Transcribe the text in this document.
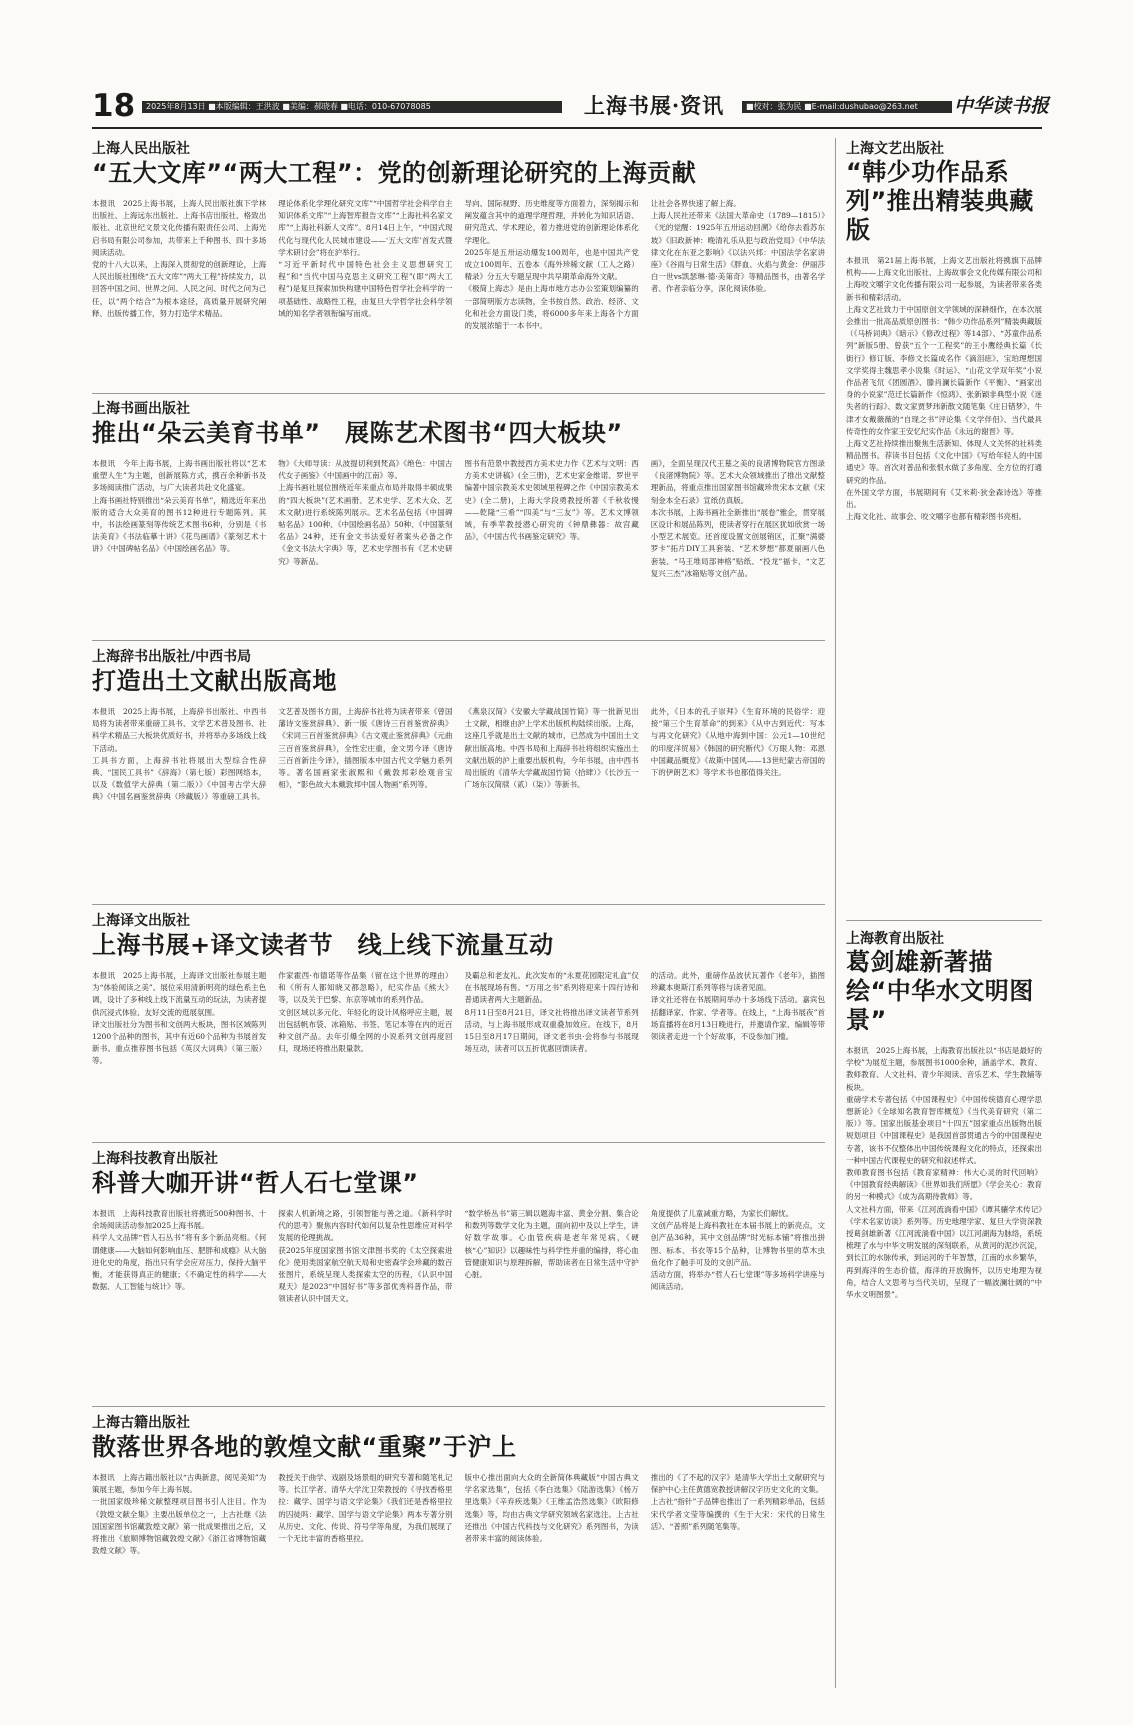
18	2025年8月13日 ■本版编辑：王洪波 ■美编：郝晓春 ■电话：010-67078085	上海书展·资讯	■校对：张为民 ■E-mail:dushubao@263.net	中华读书报
上海人民出版社
“五大文库”“两大工程”：党的创新理论研究的上海贡献
本报讯　2025上海书展，上海人民出版社旗下学林出版社、上海远东出版社、上海书店出版社、格致出版社、北京世纪文景文化传播有限责任公司、上海光启书局有限公司参加，共带来上千种图书、四十多场阅读活动。
党的十八大以来，上海深入贯彻党的创新理论，上海人民出版社围绕“五大文库”“两大工程”持续发力，以回答中国之问、世界之问、人民之问、时代之问为己任，以“两个结合”为根本途径，高质量开展研究阐释、出版传播工作，努力打造学术精品。
理论体系化学理化研究文库”“中国哲学社会科学自主知识体系文库”“上海智库报告文库”“上海社科名家文库”“上海社科新人文库”。8月14日上午，“中国式现代化与现代化人民城市建设——‘五大文库’首发式暨学术研讨会”将在沪举行。
“习近平新时代中国特色社会主义思想研究工程”和“当代中国马克思主义研究工程”(即“两大工程”)是复旦探索加快构建中国特色哲学社会科学的一项基础性、战略性工程，由复旦大学哲学社会科学领域的知名学者领衔编写而成。
导向、国际视野、历史维度等方面着力，深刻揭示和阐发蕴含其中的道理学理哲理，并转化为知识话语、研究范式、学术理论，着力推进党的创新理论体系化学理化。
2025年是五卅运动爆发100周年，也是中国共产党成立100周年、五卷本《海外珍稀文献（工人之路）精录》分五大专题呈现中共早期革命海外文献。
《极简上海志》是由上海市地方志办公室策划编纂的一部简明版方志读物，全书按自然、政治、经济、文化和社会方面设门类，将6000多年来上海各个方面的发展浓缩于一本书中。
让社会各界快速了解上海。
上海人民社还带来《法国大革命史（1789—1815）》《光的觉醒：1925年五卅运动回溯》《给你去看苏东坡》《旧政新神：晚清礼乐从犯与政治党局》《中华法律文化在东亚之影响》《以法兴邦：中国法学名家讲座》《谷雨与日常生活》《胖血、火焰与黄金：伊丽莎白一世vs凯瑟琳·德·美第奇》等精品图书，由著名学者、作者亲临分享，深化阅读体验。
上海书画出版社
推出“朵云美育书单”　展陈艺术图书“四大板块”
本报讯　今年上海书展，上海书画出版社将以“艺术重塑人生”为主题，创新展陈方式，携百余种新书及多场阅读推广活动，与广大读者共赴文化盛宴。
上海书画社特别推出“朵云美育书单”，精选近年来出版的适合大众美育的图书12种进行专题陈列。其中，书法绘画篆刻等传统艺术图书6种，分别是《书法美育》《书法临摹十讲》《花鸟画谱》《篆刻艺术十讲》《中国碑帖名品》《中国绘画名品》等。
物》《大师导读：从波提切利到梵高》《绝色：中国古代女子画鉴》《中国画中的江南》等。
上海书画社展位围绕近年来重点布局并取得丰硕成果的“四大板块”(艺术画册、艺术史学、艺术大众、艺术文献)进行系统陈列展示。艺术名品包括《中国碑帖名品》100种、《中国绘画名品》50种、《中国篆刻名品》24种，还有金文书法爱好者案头必备之作《金文书法大字典》等，艺术史学图书有《艺术史研究》等新品。
图书有范景中教授西方美术史力作《艺术与文明：西方美术史讲稿》(全三册)，艺术史家金维诺、罗世平编著中国宗教美术史领域里程碑之作《中国宗教美术史》(全二册)，上海大学段勇教授所著《千秋妆慢——乾隆“三希”“四美”与“三友”》等。艺术文博领域，有季苹教授潜心研究的《钟鼎彝器：故宫藏品》，《中国古代书画鉴定研究》等。
画》，全面呈现汉代王墓之美的良渚博物院官方图录《良渚博物院》等。艺术大众领域推出了推出文献整理新品，将重点推出国家图书馆藏珍贵宋本文献《宋刻金本全石录》宣纸仿真版。
本次书展，上海书画社全新推出“展卷”雅企，贯穿展区设计和展品陈列，使读者穿行在展区犹如欣赏一场小型艺术展览。还首度设置文创展销区，汇聚“满婆罗卡”拓片DIY工具套装、“艺术梦想”都夏丽画八色套装、“马王堆局部神格”贴纸、“投龙”福卡、“文艺复兴三杰”冰箱贴等文创产品。
上海辞书出版社/中西书局
打造出土文献出版高地
本报讯　2025上海书展，上海辞书出版社、中西书局将为读者带来重磅工具书、文学艺术普及图书、社科学术精品三大板块优质好书，并将举办多场线上线下活动。
工具书方面，上海辞书社将展出大型综合性辞典、“国民工具书”《辞海》（第七版）彩图网络本，以及《数值学大辞典（第二版）》《中国考古学大辞典》《中国名画鉴赏辞典（珍藏版）》等重磅工具书。
文艺普及图书方面，上海辞书社将为读者带来《曾国藩诗文鉴赏辞典》、新一版《唐诗三百首鉴赏辞典》《宋词三百首鉴赏辞典》《古文观止鉴赏辞典》《元曲三百首鉴赏辞典》，全性宏庄重，金文男今译《唐诗三百首新注今译》，插图版本中国古代文学魅力系列等。著名国画家张淑熙和《戴敦邦彩绘观音宝相》，“影色故大本戴敦邦中国人物画”系列等。
《燕泉汉简》《安徽大学藏战国竹简》等一批新见出土文献，相继由沪上学术出版机构陆续出版。上海，这座几乎就是出土文献的城市，已然成为中国出土文献出版高地。中西书局和上海辞书社将组织实施出土文献出版的沪上重要出版机构，今年书展，由中西书局出版的《清华大学藏战国竹简（拾肆）》《长沙五一广场东汉简牍（贰）（柒）》等新书。
此外，《日本的孔子崇拜》《生育环境的民俗学：迎接“第三个生育革命”的到来》《从中古到近代：写本与再文化研究》《从地中海到中国：公元1—10世纪的印度洋贸易》《韩国的研究断代》《万眼人物：邓恩中国藏品概览》《故斯中国风——13世纪蒙古帝国的下的伊朗艺术》等学术书也都值得关注。
上海译文出版社
上海书展+译文读者节　线上线下流量互动
本报讯　2025上海书展，上海译文出版社参展主题为“体验阅读之美”。展位采用清新明亮的绿色系主色调，设计了多种线上线下流量互动的玩法，为读者提供沉浸式体验、友好交流的逛展氛围。
译文出版社分为图书和文创两大板块，图书区域陈列1200个品种的图书，其中有近60个品种为书展首发新书。重点推荐图书包括《英汉大词典》（第三版）等。
作家霍西·布德诺等作品集（留在这个世界的理由）和《所有人都知晓又都忽略》，纪实作品《熊大》等，以及关于巴黎、东京等城市的系列作品。
文创区域以多元化、年轻化的设计风格呼应主题，展出包括帆布袋、冰箱贴、书签、笔记本等在内的近百种文创产品。去年引爆全网的小说系列文创再度回归，现场还将推出限量款。
及霸总和老友礼。此次发布的“永夏花园限定礼盒”仅在书展现场有售。“万用之书”系列将迎来十四行诗和普通读者两大主题新品。
8月11日至8月21日，译文社将推出译文读者节系列活动，与上海书展形成双重叠加效应。在线下，8月15日至8月17日期间，译文老书虫·会将参与书展现场互动，读者可以五折优惠回馈读者。
的活动。此外，重磅作品波伏瓦著作《老年》，插图珍藏本奥斯汀系列等将与读者见面。
译文社还将在书展期间举办十多场线下活动。嘉宾包括翻译家、作家、学者等。在线上，“上海书展夜”首场直播将在8月13日晚进行，并邀请作家、编辑等带领读者走进一个个好故事，不设参加门槛。
上海科技教育出版社
科普大咖开讲“哲人石七堂课”
本报讯　上海科技教育出版社将携近500种图书、十余场阅读活动参加2025上海书展。
科学人文品牌“哲人石丛书”将有多个新品亮相。《何谓健康——大脑如何影响血压、肥胖和成瘾》从大脑进化史的角度，指出只有学会应对压力，保持大脑平衡，才能获得真正的健康；《不确定性的科学——大数据、人工智能与统计》等。
探索人机新境之路，引领智能与善之道。《新科学时代的思考》聚焦内容时代如何以复杂性思维应对科学发展的伦理挑战。
获2025年度国家图书馆文津图书奖的《太空探索进化》使用类国家航空航天局和史密森学会珍藏的数百张图片，系统呈现人类探索太空的历程，《认识中国观天》是2023“中国好书”等多部优秀科普作品，带领读者认识中国天文。
“数学桥丛书”第三辑以题海丰富、黄金分割、集合论和数列等数学文化为主题，面向初中及以上学生，讲好数学故事。心血管疾病是老年常见病，《硬核“心”知识》以趣味性与科学性并重的编排，将心血管健康知识与原理拆解，帮助读者在日常生活中守护心脏。
角度提供了儿童减重方略，为家长们解忧。
文创产品将是上海科教社在本届书展上的新亮点，文创产品36种，其中文创品牌“时光标本铺”将推出拼图、标本、书衣等15个品种，让博物书里的草木虫鱼化作了触手可及的文创产品。
活动方面，将举办“哲人石七堂课”等多场科学讲座与阅读活动。
上海古籍出版社
散落世界各地的敦煌文献“重聚”于沪上
本报讯　上海古籍出版社以“古典新意，阅见美知”为策展主题，参加今年上海书展。
一批国家级珍稀文献整理项目图书引人注目。作为《敦煌文献全集》主要出版单位之一，上古社继《法国国家图书馆藏敦煌文献》第一批成果推出之后，又将推出《旅顺博物馆藏敦煌文献》《浙江省博物馆藏敦煌文献》等。
教授关于曲学、戏剧及场景组的研究专著和随笔札记等。长江学者、清华大学沈卫荣教授的《寻找香格里拉：藏学、国学与语文学论集》《我们还是香格里拉的囚徒吗：藏学、国学与语文学论集》两本专著分别从历史、文化、传说、符号学等角度，为我们展现了一个无比丰富的香格里拉。
版中心推出面向大众的全新简体典藏版“中国古典文学名家选集”，包括《李白选集》《陆游选集》《杨万里选集》《辛弃疾选集》《王维孟浩然选集》《欧阳修选集》等，均由古典文学研究领域名家选注。上古社还推出《中国古代科技与文化研究》系列图书，为读者带来丰富的阅读体验。
推出的《了不起的汉字》是清华大学出土文献研究与保护中心主任黄德宽教授讲解汉字历史文化的文集。
上古社“指针”子品牌也推出了一系列精彩单品，包括宋代学者文莹等编撰的《生于大宋：宋代的日常生活》、“普照”系列随笔集等。
上海文艺出版社
“韩少功作品系列”推出精装典藏版
本报讯　第21届上海书展，上海文艺出版社将携旗下品牌机构——上海文化出版社、上海故事会文化传媒有限公司和上海咬文嚼字文化传播有限公司一起参展，为读者带来各类新书和精彩活动。
上海文艺社致力于中国原创文学领域的深耕细作，在本次展会推出一批高品质原创图书：“韩少功作品系列”精装典藏版（《马桥词典》《暗示》《修改过程》等14部）、“苏童作品系列”新版5册、曾获“五个一工程奖”的王小鹰经典长篇《长街行》修订版、李修文长篇成名作《滴泪痣》、宝珀理想国文学奖得主魏思孝小说集《时运》、“山花文学双年奖”小说作品者飞氘《团圆酒》、滕肖澜长篇新作《平衡》、“画家出身的小说家”范迁长篇新作《惊鸿》、张新颖非典型小说《迷失者的行踪》、数文家贾梦玮新散文随笔集《庄日错梦》、牛津才女戴薇薇的“自现之书”评论集《文学伴侣》、当代最具传奇性的女作家王安忆纪实作品《永远的谢晋》等。
上海文艺社持续推出聚焦生活新知、体现人文关怀的社科类精品图书。荐读书目包括《文化中国》《写给年轻人的中国通史》等。首次对普品和张恨水做了多角度、全方位的打通研究的作品。
在外国文学方面，书展期间有《艾米莉·狄金森诗选》等推出。
上海文化社、故事会、咬文嚼字也都有精彩图书亮相。
上海教育出版社
葛剑雄新著描绘“中华水文明图景”
本报讯　2025上海书展，上海教育出版社以“书店是最好的学校”为展览主题，参展图书1000余种，涵盖学术、教育、教师教育、人文社科、青少年阅读、音乐艺术、学生教辅等板块。
重磅学术专著包括《中国课程史》《中国传统德育心理学思想新论》《全球知名教育智库概览》《当代美育研究（第二版）》等。国家出版基金项目“十四五”国家重点出版物出版规划项目《中国课程史》是我国首部贯通古今的中国课程史专著，该书不仅整体出中国传统课程文化的特点，还探索出一种中国古代课程史的研究和叙述样式。
教师教育图书包括《教育家精神：伟大心灵的时代回响》《中国教育经典解读》《世界如我们所愿》《学会关心：教育的另一种模式》《成为高期待教师》等。
人文社科方面，带来《江河流淌看中国》《谭其骧学术传记》《学术名家访谈》系列等。历史地理学家、复旦大学资深教授葛剑雄新著《江河流淌看中国》以江河湖海为脉络，系统梳理了水与中华文明发展的深刻联系，从黄河的泥沙沉淀，到长江的水脉传承，到运河的千年智慧，江南的水乡繁华，再到海洋的生态价值，海洋的开放胸怀，以历史地理为视角，结合人文思考与当代关切，呈现了一幅波澜壮阔的“中华水文明图景”。
